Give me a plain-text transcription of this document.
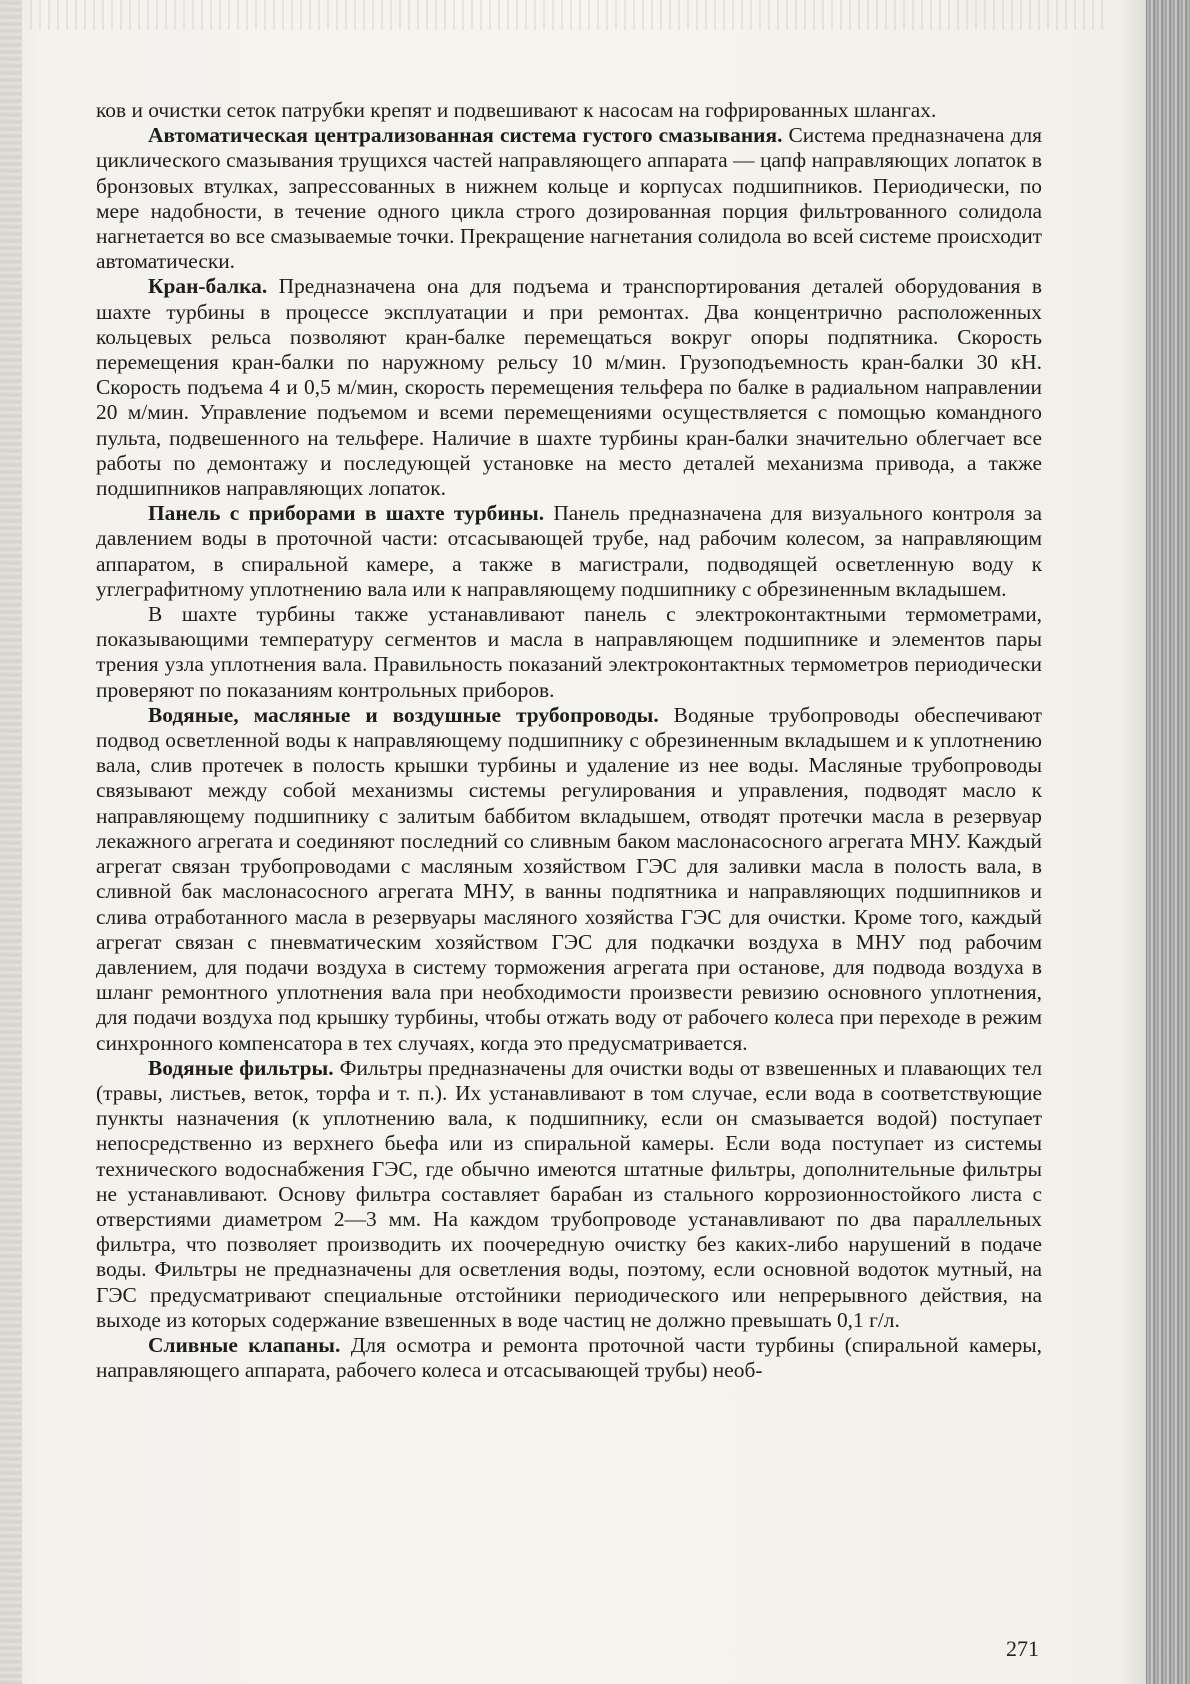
ков и очистки сеток патрубки крепят и подвешивают к насосам на гофрированных шлангах.

Автоматическая централизованная система густого смазывания. Система предназначена для циклического смазывания трущихся частей направляющего аппарата — цапф направляющих лопаток в бронзовых втулках, запрессованных в нижнем кольце и корпусах подшипников. Периодически, по мере надобности, в течение одного цикла строго дозированная порция фильтрованного солидола нагнетается во все смазываемые точки. Прекращение нагнетания солидола во всей системе происходит автоматически.

Кран-балка. Предназначена она для подъема и транспортирования деталей оборудования в шахте турбины в процессе эксплуатации и при ремонтах. Два концентрично расположенных кольцевых рельса позволяют кран-балке перемещаться вокруг опоры подпятника. Скорость перемещения кран-балки по наружному рельсу 10 м/мин. Грузоподъемность кран-балки 30 кН. Скорость подъема 4 и 0,5 м/мин, скорость перемещения тельфера по балке в радиальном направлении 20 м/мин. Управление подъемом и всеми перемещениями осуществляется с помощью командного пульта, подвешенного на тельфере. Наличие в шахте турбины кран-балки значительно облегчает все работы по демонтажу и последующей установке на место деталей механизма привода, а также подшипников направляющих лопаток.

Панель с приборами в шахте турбины. Панель предназначена для визуального контроля за давлением воды в проточной части: отсасывающей трубе, над рабочим колесом, за направляющим аппаратом, в спиральной камере, а также в магистрали, подводящей осветленную воду к углеграфитному уплотнению вала или к направляющему подшипнику с обрезиненным вкладышем.

В шахте турбины также устанавливают панель с электроконтактными термометрами, показывающими температуру сегментов и масла в направляющем подшипнике и элементов пары трения узла уплотнения вала. Правильность показаний электроконтактных термометров периодически проверяют по показаниям контрольных приборов.

Водяные, масляные и воздушные трубопроводы. Водяные трубопроводы обеспечивают подвод осветленной воды к направляющему подшипнику с обрезиненным вкладышем и к уплотнению вала, слив протечек в полость крышки турбины и удаление из нее воды. Масляные трубопроводы связывают между собой механизмы системы регулирования и управления, подводят масло к направляющему подшипнику с залитым баббитом вкладышем, отводят протечки масла в резервуар лекажного агрегата и соединяют последний со сливным баком маслонасосного агрегата МНУ. Каждый агрегат связан трубопроводами с масляным хозяйством ГЭС для заливки масла в полость вала, в сливной бак маслонасосного агрегата МНУ, в ванны подпятника и направляющих подшипников и слива отработанного масла в резервуары масляного хозяйства ГЭС для очистки. Кроме того, каждый агрегат связан с пневматическим хозяйством ГЭС для подкачки воздуха в МНУ под рабочим давлением, для подачи воздуха в систему торможения агрегата при останове, для подвода воздуха в шланг ремонтного уплотнения вала при необходимости произвести ревизию основного уплотнения, для подачи воздуха под крышку турбины, чтобы отжать воду от рабочего колеса при переходе в режим синхронного компенсатора в тех случаях, когда это предусматривается.

Водяные фильтры. Фильтры предназначены для очистки воды от взвешенных и плавающих тел (травы, листьев, веток, торфа и т. п.). Их устанавливают в том случае, если вода в соответствующие пункты назначения (к уплотнению вала, к подшипнику, если он смазывается водой) поступает непосредственно из верхнего бьефа или из спиральной камеры. Если вода поступает из системы технического водоснабжения ГЭС, где обычно имеются штатные фильтры, дополнительные фильтры не устанавливают. Основу фильтра составляет барабан из стального коррозионностойкого листа с отверстиями диаметром 2—3 мм. На каждом трубопроводе устанавливают по два параллельных фильтра, что позволяет производить их поочередную очистку без каких-либо нарушений в подаче воды. Фильтры не предназначены для осветления воды, поэтому, если основной водоток мутный, на ГЭС предусматривают специальные отстойники периодического или непрерывного действия, на выходе из которых содержание взвешенных в воде частиц не должно превышать 0,1 г/л.

Сливные клапаны. Для осмотра и ремонта проточной части турбины (спиральной камеры, направляющего аппарата, рабочего колеса и отсасывающей трубы) необ-

271
